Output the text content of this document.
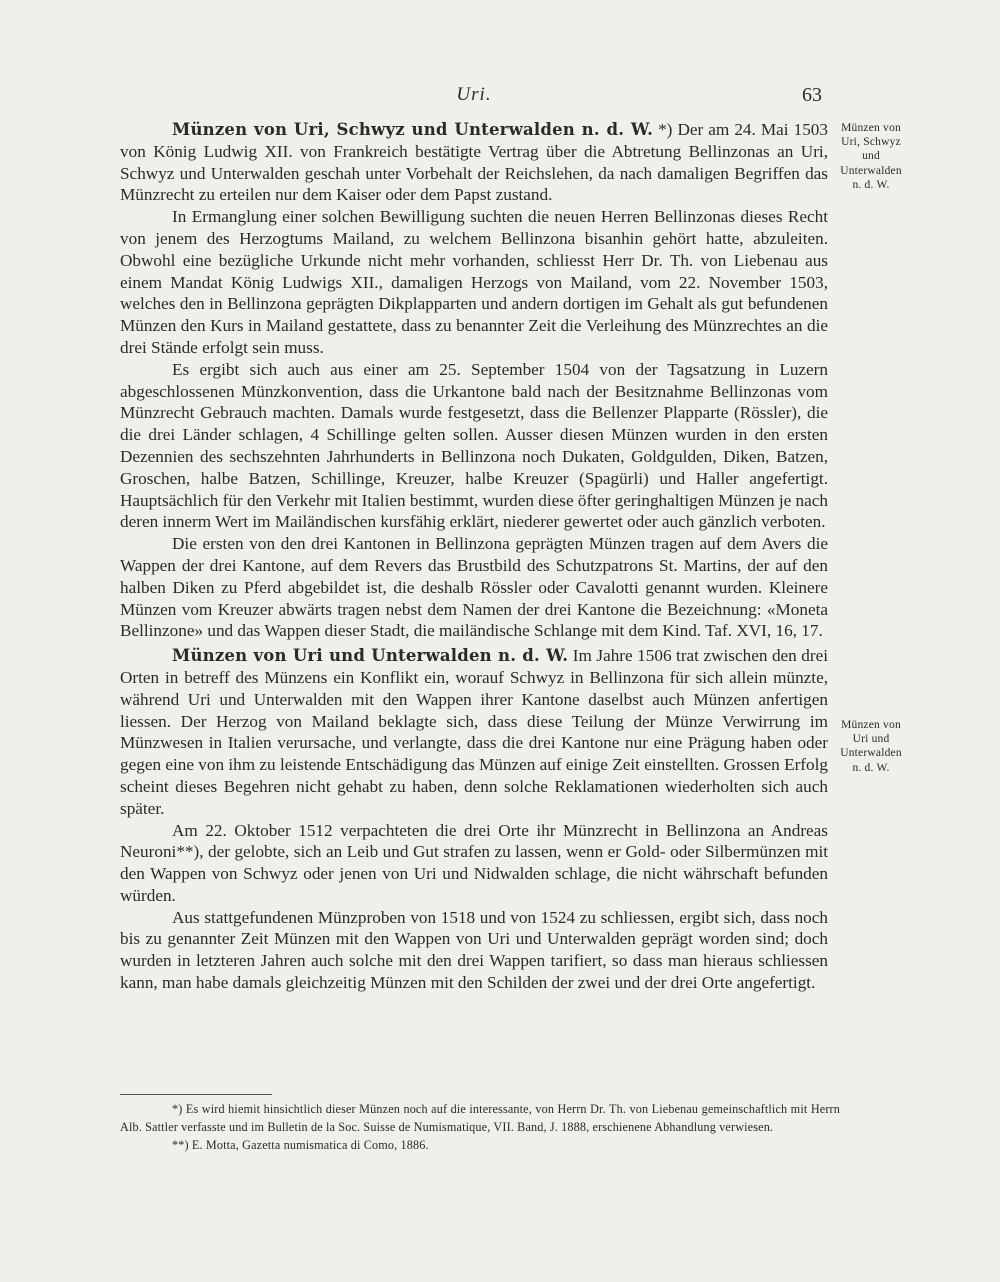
Uri.	63
Münzen von Uri, Schwyz und Unterwalden n. d. W.
Münzen von Uri und Unterwalden n. d. W.

Münzen von Uri, Schwyz und Unterwalden n. d. W. *) Der am 24. Mai 1503 von König Ludwig XII. von Frankreich bestätigte Vertrag über die Abtretung Bellinzonas an Uri, Schwyz und Unterwalden geschah unter Vorbehalt der Reichslehen, da nach damaligen Begriffen das Münzrecht zu erteilen nur dem Kaiser oder dem Papst zustand.

In Ermanglung einer solchen Bewilligung suchten die neuen Herren Bellinzonas dieses Recht von jenem des Herzogtums Mailand, zu welchem Bellinzona bisanhin gehört hatte, abzuleiten. Obwohl eine bezügliche Urkunde nicht mehr vorhanden, schliesst Herr Dr. Th. von Liebenau aus einem Mandat König Ludwigs XII., damaligen Herzogs von Mailand, vom 22. November 1503, welches den in Bellinzona geprägten Dikplapparten und andern dortigen im Gehalt als gut befundenen Münzen den Kurs in Mailand gestattete, dass zu benannter Zeit die Verleihung des Münzrechtes an die drei Stände erfolgt sein muss.

Es ergibt sich auch aus einer am 25. September 1504 von der Tagsatzung in Luzern abgeschlossenen Münzkonvention, dass die Urkantone bald nach der Besitznahme Bellinzonas vom Münzrecht Gebrauch machten. Damals wurde festgesetzt, dass die Bellenzer Plapparte (Rössler), die die drei Länder schlagen, 4 Schillinge gelten sollen. Ausser diesen Münzen wurden in den ersten Dezennien des sechszehnten Jahrhunderts in Bellinzona noch Dukaten, Goldgulden, Diken, Batzen, Groschen, halbe Batzen, Schillinge, Kreuzer, halbe Kreuzer (Spagürli) und Haller angefertigt. Hauptsächlich für den Verkehr mit Italien bestimmt, wurden diese öfter geringhaltigen Münzen je nach deren innerm Wert im Mailändischen kursfähig erklärt, niederer gewertet oder auch gänzlich verboten.

Die ersten von den drei Kantonen in Bellinzona geprägten Münzen tragen auf dem Avers die Wappen der drei Kantone, auf dem Revers das Brustbild des Schutzpatrons St. Martins, der auf den halben Diken zu Pferd abgebildet ist, die deshalb Rössler oder Cavalotti genannt wurden. Kleinere Münzen vom Kreuzer abwärts tragen nebst dem Namen der drei Kantone die Bezeichnung: «Moneta Bellinzone» und das Wappen dieser Stadt, die mailändische Schlange mit dem Kind. Taf. XVI, 16, 17.

Münzen von Uri und Unterwalden n. d. W. Im Jahre 1506 trat zwischen den drei Orten in betreff des Münzens ein Konflikt ein, worauf Schwyz in Bellinzona für sich allein münzte, während Uri und Unterwalden mit den Wappen ihrer Kantone daselbst auch Münzen anfertigen liessen. Der Herzog von Mailand beklagte sich, dass diese Teilung der Münze Verwirrung im Münzwesen in Italien verursache, und verlangte, dass die drei Kantone nur eine Prägung haben oder gegen eine von ihm zu leistende Entschädigung das Münzen auf einige Zeit einstellten. Grossen Erfolg scheint dieses Begehren nicht gehabt zu haben, denn solche Reklamationen wiederholten sich auch später.

Am 22. Oktober 1512 verpachteten die drei Orte ihr Münzrecht in Bellinzona an Andreas Neuroni**), der gelobte, sich an Leib und Gut strafen zu lassen, wenn er Gold- oder Silbermünzen mit den Wappen von Schwyz oder jenen von Uri und Nidwalden schlage, die nicht währschaft befunden würden.

Aus stattgefundenen Münzproben von 1518 und von 1524 zu schliessen, ergibt sich, dass noch bis zu genannter Zeit Münzen mit den Wappen von Uri und Unterwalden geprägt worden sind; doch wurden in letzteren Jahren auch solche mit den drei Wappen tarifiert, so dass man hieraus schliessen kann, man habe damals gleichzeitig Münzen mit den Schilden der zwei und der drei Orte angefertigt.

*) Es wird hiemit hinsichtlich dieser Münzen noch auf die interessante, von Herrn Dr. Th. von Liebenau gemeinschaftlich mit Herrn Alb. Sattler verfasste und im Bulletin de la Soc. Suisse de Numismatique, VII. Band, J. 1888, erschienene Abhandlung verwiesen.

**) E. Motta, Gazetta numismatica di Como, 1886.
